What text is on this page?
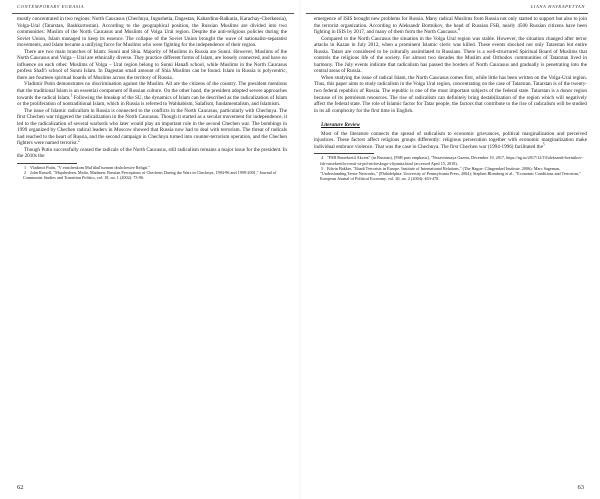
CONTEMPORARY EURASIA	LIANA HAYRAPETYAN

mostly concentrated in two regions: North Caucasus (Chechnya, Ingushetia, Dagestan, Kabardino-Balkaria, Karachay-Cherkessia), Volga-Ural (Tatarstan, Bashkortostan). According to the geographical position, the Russian Muslims are divided into two communities: Muslim of the North Caucasus and Muslims of Volga Ural region. Despite the anti-religious policies during the Soviet Union, Islam managed to keep its essence. The collapse of the Soviet Union brought the wave of nationalist-separatist movements, and Islam became a unifying force for Muslims who were fighting for the independence of their region.

There are two main branches of Islam: Sunni and Shia. Majority of Muslims in Russia are Sunni. However, Muslims of the North Caucasus and Volga – Ural are ethnically diverse. They practice different forms of Islam, are loosely connected, and have no influence on each other. Muslims of Volga – Ural region belong to Sunni Hanafi school, while Muslims in the North Caucasus profess Shafi'i school of Sunni Islam. In Dagestan small amount of Shia Muslims can be found. Islam in Russia is polycentric, there are fourteen spiritual boards of Muslims across the territory of Russia.

Vladimir Putin demonstrates no discrimination against the Muslim. All are the citizens of the country. The president mentions that the traditional Islam is an essential component of Russian culture. On the other hand, the president adopted severe approaches towards the radical Islam.$^1$ Following the breakup of the SU, the dynamics of Islam can be described as the radicalization of Islam or the proliferation of nontraditional Islam, which in Russia is referred to Wahhabism, Salafism, fundamentalism, and Islamism.

The issue of Islamic radicalism in Russia is connected to the conflicts in the North Caucasus, particularly with Chechnya. The first Chechen war triggered the radicalization in the North Caucasus. Though it started as a secular movement for independence, it led to the radicalization of several warlords who later would play an important role in the second Chechen war. The bombings in 1999 organized by Chechen radical leaders in Moscow showed that Russia now had to deal with terrorism. The threat of radicals had reached to the heart of Russia, and the second campaign in Chechnya turned into counter-terrorism operation, and the Chechen fighters were named terrorist.$^2$

Though Putin successfully ceased the radicals of the North Caucasus, still radicalism remains a major issue for the president. In the 2010s the

1 Vladimir Putin, "V etnicheskom Mul'tikul'turnom obshchestve Religii."

2 John Russell, "Mujahedeen, Mafia, Madmen: Russian Perceptions of Chechens During the Wars in Chechnya, 1994-96 and 1999-2001," Journal of Communist Studies and Transition Politics, vol. 18, no. 1 (2002): 73-96.

62

emergence of ISIS brought new problems for Russia. Many radical Muslims from Russia not only started to support but also to join the terrorist organization. According to Aleksandr Bortnikov, the head of Russian FSB, nearly 4500 Russian citizens have been fighting in ISIS by 2017, and many of them form the North Caucasus.$^4$

Compared to the North Caucasus the situation in the Volga Ural region was stable. However, the situation changed after terror attacks in Kazan in July 2012, when a prominent Islamic cleric was killed. These events shocked not only Tatarstan but entire Russia. Tatars are considered to be culturally assimilated to Russians. There is a well-structured Spiritual Board of Muslims that controls the religious life of the society. For almost two decades the Muslim and Orthodox communities of Tatarstan lived in harmony. The July events indicate that radicalism has passed the borders of North Caucasus and gradually is penetrating into the central areas of Russia.

When studying the issue of radical Islam, the North Caucasus comes first, while little has been written on the Volga-Ural region. Thus, this paper aims to study radicalism in the Volga Ural region, concentrating on the case of Tatarstan. Tatarstan is of the twenty-two federal republics of Russia. The republic is one of the most important subjects of the federal state. Tatarstan is a donor region because of its petroleum resources. The rise of radicalism can definitely bring destabilization of the region which will negatively affect the federal state. The role of Islamic factor for Tatar people, the factors that contribute to the rise of radicalism will be studied in its all complexity for the first time in English.

Literature Review

Most of the literature connects the spread of radicalism to economic grievances, political marginalization and perceived injustices. These factors affect religious groups differently: religious persecution together with economic marginalization make individual embrace violence. That was the case in Chechnya. The first Chechen war (1994-1996) facilitated the$^5$

4 "FSB Rassekretil Akcent" (in Russian), [FSB puts emphasis], "Nezavisimaya Gazeta, December 19, 2017, https://ng.ru/2017/12/19/aleksandr-bortnikov-fsb-rassekretilo-rossii-ot-pol-nicheskogo-vliyaniia.html (accessed April 15, 2018).

5 Edwin Bakker, "Jihadi Terrorists in Europe. Institute of International Relations," (The Hague: Clingendael Institute, 2006); Marc Sageman, "Understanding Terror Networks," (Philadelphia: University of Pennsylvania Press, 2004); Stephen Blomberg et al., "Economic Conditions and Terrorism," European Journal of Political Economy, vol. 20, no. 2 (2004): 463-478.

63
